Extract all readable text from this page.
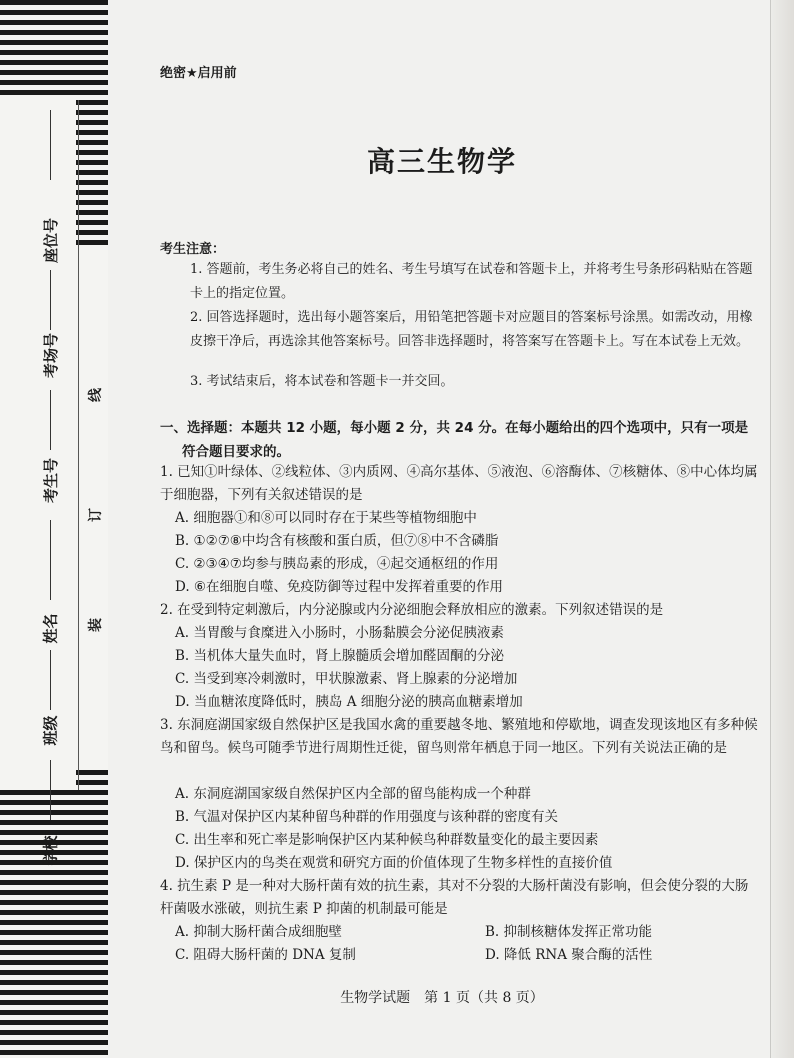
座位号
考场号
考生号
姓名
班级
学校
线
订
装
绝密★启用前
高三生物学
考生注意：
1. 答题前，考生务必将自己的姓名、考生号填写在试卷和答题卡上，并将考生号条形码粘贴在答题卡上的指定位置。
2. 回答选择题时，选出每小题答案后，用铅笔把答题卡对应题目的答案标号涂黑。如需改动，用橡皮擦干净后，再选涂其他答案标号。回答非选择题时，将答案写在答题卡上。写在本试卷上无效。
3. 考试结束后，将本试卷和答题卡一并交回。
一、选择题：本题共 12 小题，每小题 2 分，共 24 分。在每小题给出的四个选项中，只有一项是
符合题目要求的。
1. 已知①叶绿体、②线粒体、③内质网、④高尔基体、⑤液泡、⑥溶酶体、⑦核糖体、⑧中心体均属于细胞器，下列有关叙述错误的是
A. 细胞器①和⑧可以同时存在于某些等植物细胞中
B. ①②⑦⑧中均含有核酸和蛋白质，但⑦⑧中不含磷脂
C. ②③④⑦均参与胰岛素的形成，④起交通枢纽的作用
D. ⑥在细胞自噬、免疫防御等过程中发挥着重要的作用
2. 在受到特定刺激后，内分泌腺或内分泌细胞会释放相应的激素。下列叙述错误的是
A. 当胃酸与食糜进入小肠时，小肠黏膜会分泌促胰液素
B. 当机体大量失血时，肾上腺髓质会增加醛固酮的分泌
C. 当受到寒冷刺激时，甲状腺激素、肾上腺素的分泌增加
D. 当血糖浓度降低时，胰岛 A 细胞分泌的胰高血糖素增加
3. 东洞庭湖国家级自然保护区是我国水禽的重要越冬地、繁殖地和停歇地，调查发现该地区有多种候鸟和留鸟。候鸟可随季节进行周期性迁徙，留鸟则常年栖息于同一地区。下列有关说法正确的是
A. 东洞庭湖国家级自然保护区内全部的留鸟能构成一个种群
B. 气温对保护区内某种留鸟种群的作用强度与该种群的密度有关
C. 出生率和死亡率是影响保护区内某种候鸟种群数量变化的最主要因素
D. 保护区内的鸟类在观赏和研究方面的价值体现了生物多样性的直接价值
4. 抗生素 P 是一种对大肠杆菌有效的抗生素，其对不分裂的大肠杆菌没有影响，但会使分裂的大肠杆菌吸水涨破，则抗生素 P 抑菌的机制最可能是
A. 抑制大肠杆菌合成细胞壁	B. 抑制核糖体发挥正常功能
C. 阻碍大肠杆菌的 DNA 复制	D. 降低 RNA 聚合酶的活性
生物学试题　第 1 页（共 8 页）
